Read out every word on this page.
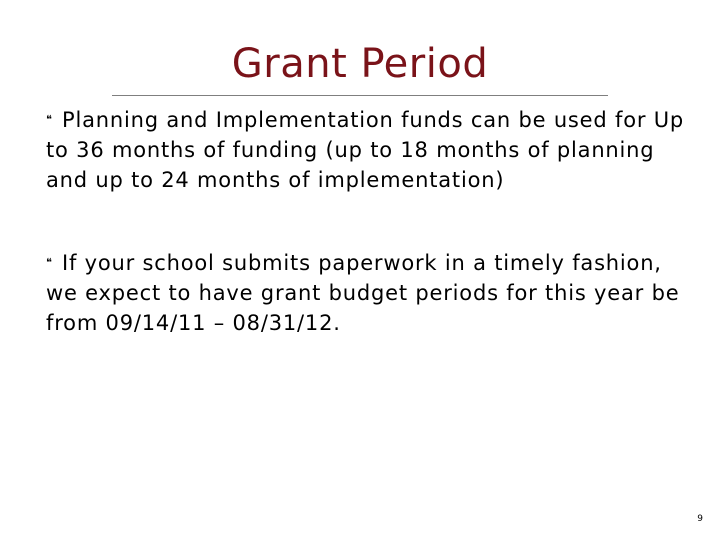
Grant Period

❝ Planning and Implementation funds can be used for Up to 36 months of funding (up to 18 months of planning and up to 24 months of implementation)

❝ If your school submits paperwork in a timely fashion, we expect to have grant budget periods for this year be from 09/14/11 – 08/31/12.

9
